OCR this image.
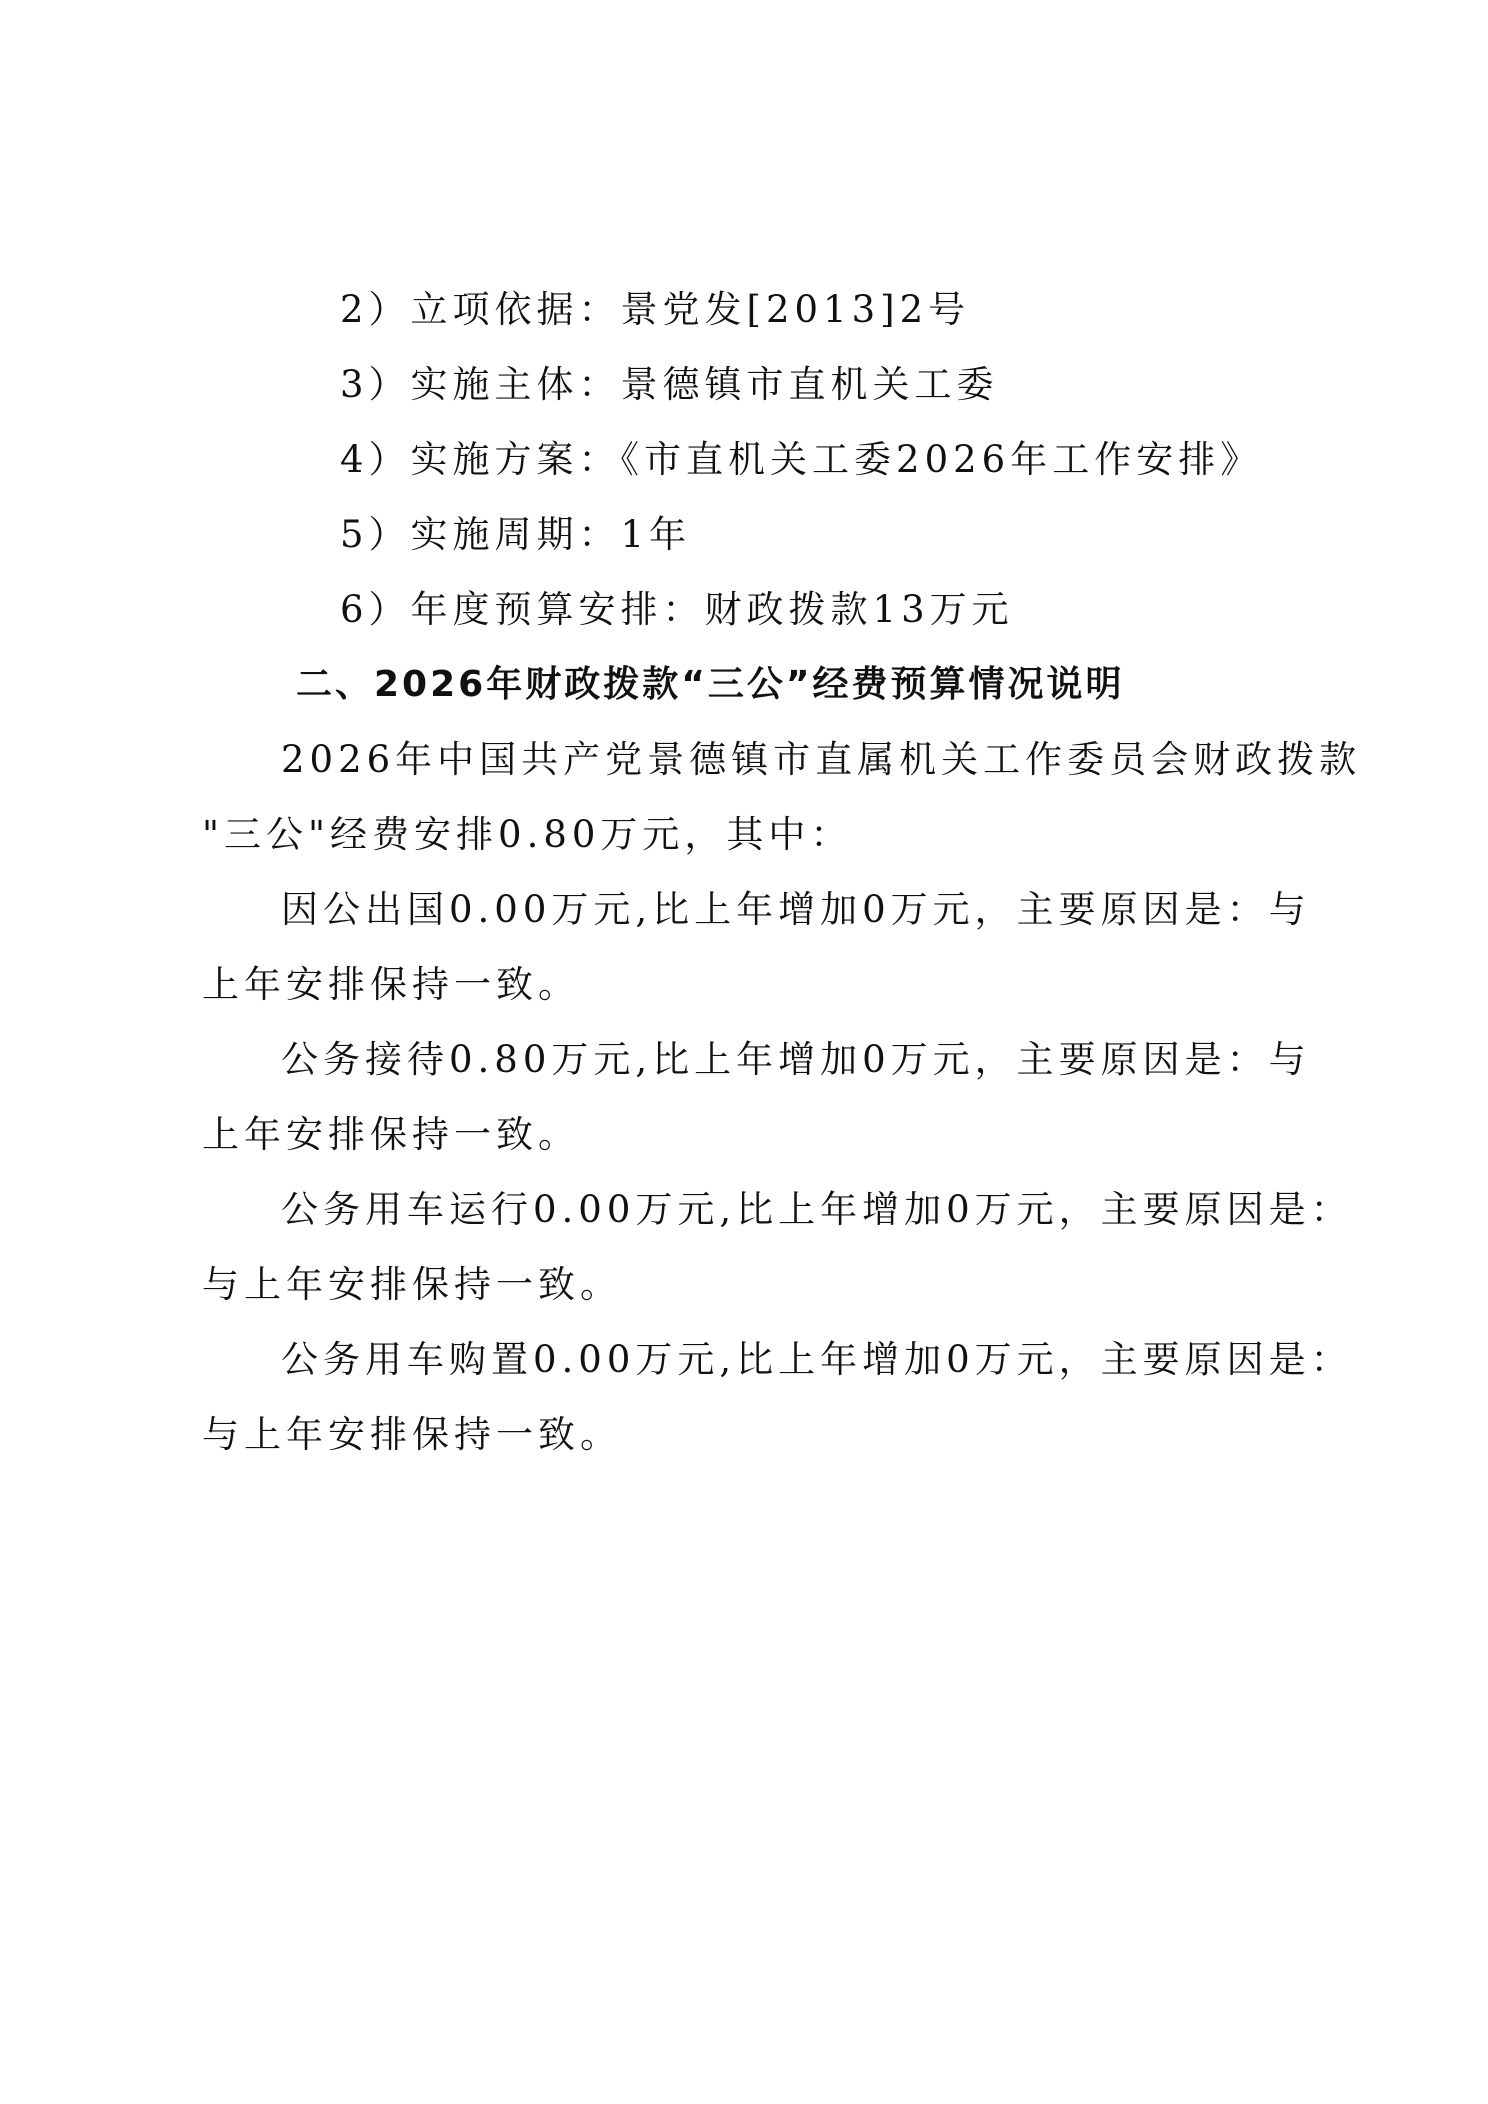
2）立项依据：景党发[2013]2号
3）实施主体：景德镇市直机关工委
4）实施方案：《市直机关工委2026年工作安排》
5）实施周期：1年
6）年度预算安排：财政拨款13万元
二、2026年财政拨款“三公”经费预算情况说明
2026年中国共产党景德镇市直属机关工作委员会财政拨款
"三公"经费安排0.80万元，其中：
因公出国0.00万元,比上年增加0万元，主要原因是：与
上年安排保持一致。
公务接待0.80万元,比上年增加0万元，主要原因是：与
上年安排保持一致。
公务用车运行0.00万元,比上年增加0万元，主要原因是：
与上年安排保持一致。
公务用车购置0.00万元,比上年增加0万元，主要原因是：
与上年安排保持一致。
